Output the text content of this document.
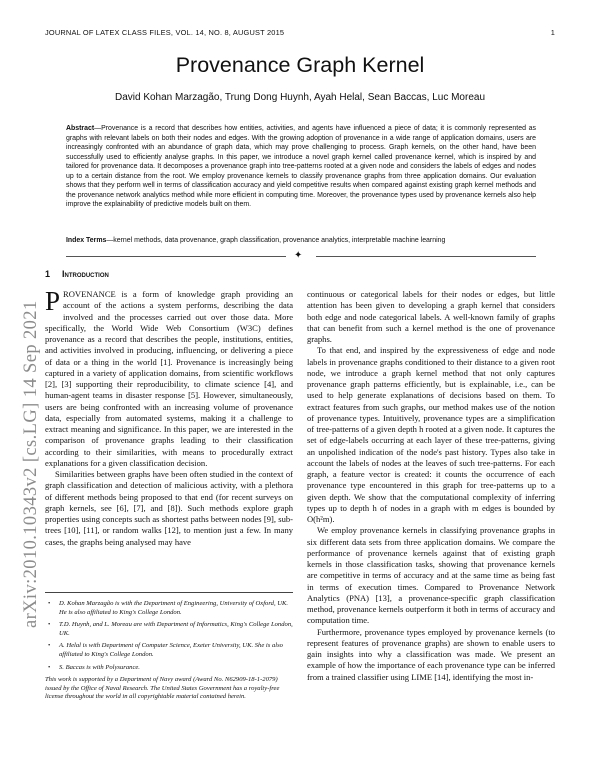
JOURNAL OF LATEX CLASS FILES, VOL. 14, NO. 8, AUGUST 2015	1
Provenance Graph Kernel
David Kohan Marzagão, Trung Dong Huynh, Ayah Helal, Sean Baccas, Luc Moreau
Abstract—Provenance is a record that describes how entities, activities, and agents have influenced a piece of data; it is commonly represented as graphs with relevant labels on both their nodes and edges. With the growing adoption of provenance in a wide range of application domains, users are increasingly confronted with an abundance of graph data, which may prove challenging to process. Graph kernels, on the other hand, have been successfully used to efficiently analyse graphs. In this paper, we introduce a novel graph kernel called provenance kernel, which is inspired by and tailored for provenance data. It decomposes a provenance graph into tree-patterns rooted at a given node and considers the labels of edges and nodes up to a certain distance from the root. We employ provenance kernels to classify provenance graphs from three application domains. Our evaluation shows that they perform well in terms of classification accuracy and yield competitive results when compared against existing graph kernel methods and the provenance network analytics method while more efficient in computing time. Moreover, the provenance types used by provenance kernels also help improve the explainability of predictive models built on them.
Index Terms—kernel methods, data provenance, graph classification, provenance analytics, interpretable machine learning
✦
arXiv:2010.10343v2 [cs.LG] 14 Sep 2021
1 Introduction

PROVENANCE is a form of knowledge graph providing an account of the actions a system performs, describing the data involved and the processes carried out over those data. More specifically, the World Wide Web Consortium (W3C) defines provenance as a record that describes the people, institutions, entities, and activities involved in producing, influencing, or delivering a piece of data or a thing in the world [1]. Provenance is increasingly being captured in a variety of application domains, from scientific workflows [2], [3] supporting their reproducibility, to climate science [4], and human-agent teams in disaster response [5]. However, simultaneously, users are being confronted with an increasing volume of provenance data, especially from automated systems, making it a challenge to extract meaning and significance. In this paper, we are interested in the comparison of provenance graphs leading to their classification according to their similarities, with means to procedurally extract explanations for a given classification decision.

Similarities between graphs have been often studied in the context of graph classification and detection of malicious activity, with a plethora of different methods being proposed to that end (for recent surveys on graph kernels, see [6], [7], and [8]). Such methods explore graph properties using concepts such as shortest paths between nodes [9], sub-trees [10], [11], or random walks [12], to mention just a few. In many cases, the graphs being analysed may have

• D. Kohan Marzagão is with the Department of Engineering, University of Oxford, UK. He is also affiliated to King's College London.
• T.D. Huynh, and L. Moreau are with Department of Informatics, King's College London, UK.
• A. Helal is with Department of Computer Science, Exeter University, UK. She is also affiliated to King's College London.
• S. Baccas is with Polysurance.
This work is supported by a Department of Navy award (Award No. N62909-18-1-2079) issued by the Office of Naval Research. The United States Government has a royalty-free license throughout the world in all copyrightable material contained herein.

continuous or categorical labels for their nodes or edges, but little attention has been given to developing a graph kernel that considers both edge and node categorical labels. A well-known family of graphs that can benefit from such a kernel method is the one of provenance graphs.

To that end, and inspired by the expressiveness of edge and node labels in provenance graphs conditioned to their distance to a given root node, we introduce a graph kernel method that not only captures provenance graph patterns efficiently, but is explainable, i.e., can be used to help generate explanations of decisions based on them. To extract features from such graphs, our method makes use of the notion of provenance types. Intuitively, provenance types are a simplification of tree-patterns of a given depth h rooted at a given node. It captures the set of edge-labels occurring at each layer of these tree-patterns, giving an unpolished indication of the node's past history. Types also take in account the labels of nodes at the leaves of such tree-patterns. For each graph, a feature vector is created: it counts the occurrence of each provenance type encountered in this graph for tree-patterns up to a given depth. We show that the computational complexity of inferring types up to depth h of nodes in a graph with m edges is bounded by O(h²m).

We employ provenance kernels in classifying provenance graphs in six different data sets from three application domains. We compare the performance of provenance kernels against that of existing graph kernels in those classification tasks, showing that provenance kernels are competitive in terms of accuracy and at the same time as being fast in terms of execution times. Compared to Provenance Network Analytics (PNA) [13], a provenance-specific graph classification method, provenance kernels outperform it both in terms of accuracy and computation time.

Furthermore, provenance types employed by provenance kernels (to represent features of provenance graphs) are shown to enable users to gain insights into why a classification was made. We present an example of how the importance of each provenance type can be inferred from a trained classifier using LIME [14], identifying the most in-
